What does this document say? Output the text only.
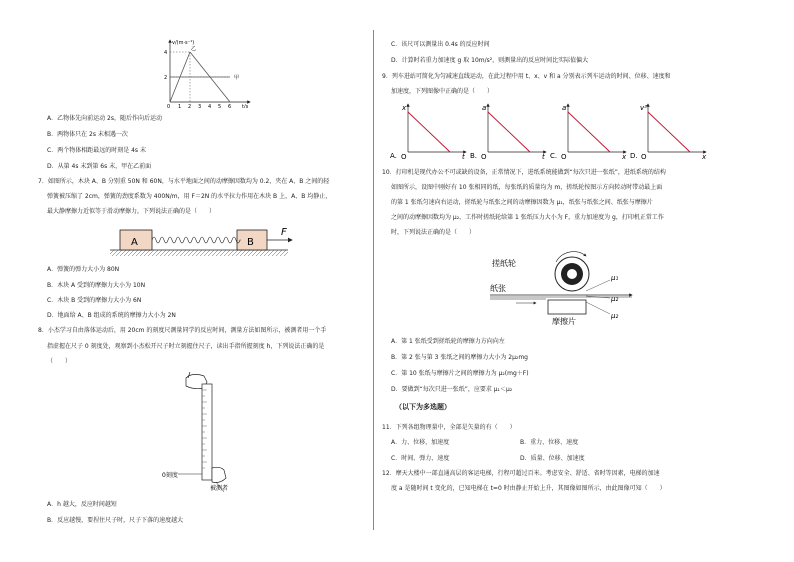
v/(m·s⁻¹)
4
2
0 1 2 3 4 5 6 t/s
甲
乙
A．乙物体先向前运动 2s，随后作向后运动
B．两物体只在 2s 末相遇一次
C．两个物体相距最远的时刻是 4s 末
D．从第 4s 末到第 6s 末，甲在乙前面
7．如图所示，木块 A、B 分别重 50N 和 60N，与水平地面之间的动摩擦因数均为 0.2，夹在 A、B 之间的轻
弹簧被压缩了 2cm，弹簧的劲度系数为 400N/m，用 F＝2N 的水平拉力作用在木块 B 上，A、B 均静止，
最大静摩擦力近似等于滑动摩擦力，下列说法正确的是（　　）
A	B
F
A．弹簧的弹力大小为 80N
B．木块 A 受到的摩擦力大小为 10N
C．木块 B 受到的摩擦力大小为 6N
D．地面给 A、B 组成的系统的摩擦力大小为 2N
8．小杰学习自由落体运动后，用 20cm 的刻度尺测量同学的反应时间，测量方法如图所示，被测者用一个手
指虚握在尺子 0 刻度处，观察到小杰松开尺子时立刻握住尺子，读出手指所握刻度 h，下列说法正确的是
（　　）
0刻度
被测者
A．h 越大，反应时间越短
B．反应越慢，要捏住尺子时，尺子下落的速度越大
C．该尺可以测量出 0.4s 的反应时间
D．计算时若重力加速度 g 取 10m/s²，则测量出的反应时间比实际值偏大
9．列车进站可简化为匀减速直线运动，在此过程中用 t、x、v 和 a 分别表示列车运动的时间、位移、速度和
加速度，下列图像中正确的是（　　）
A. O
x
t B. O
a
t C. O
a
x D. O
v²
x
10．打印机是现代办公不可或缺的设备，正常情况下，进纸系统能做到“每次只进一张纸”，进纸系统的结构
如图所示，设图中刚好有 10 张相同的纸，每张纸的质量均为 m，搓纸轮按图示方向转动时带动最上面
的第 1 张纸匀速向右运动，搓纸轮与纸张之间的动摩擦因数为 μ₁，纸张与纸张之间、纸张与摩擦片
之间的动摩擦因数均为 μ₂，工作时搓纸轮给第 1 张纸压力大小为 F，重力加速度为 g，打印机正常工作
时，下列说法正确的是（　　）
搓纸轮
纸张
摩擦片
μ₁
μ₂
μ₂
A．第 1 张纸受到搓纸轮的摩擦力方向向左
B．第 2 张与第 3 张纸之间的摩擦力大小为 2μ₂mg
C．第 10 张纸与摩擦片之间的摩擦力为 μ₂(mg＋F)
D．要做到“每次只进一张纸”，应要求 μ₁＜μ₂
（以下为多选题）
11．下列各组物理量中，全部是矢量的有（　　）
A．力、位移、加速度	B．重力、位移、速度
C．时间、弹力、速度	D．质量、位移、加速度
12．摩天大楼中一部直通高层的客运电梯，行程可超过百米。考虑安全、舒适、省时等因素，电梯的加速
度 a 是随时间 t 变化的，已知电梯在 t=0 时由静止开始上升，其图像如图所示，由此图像可知（　　）
